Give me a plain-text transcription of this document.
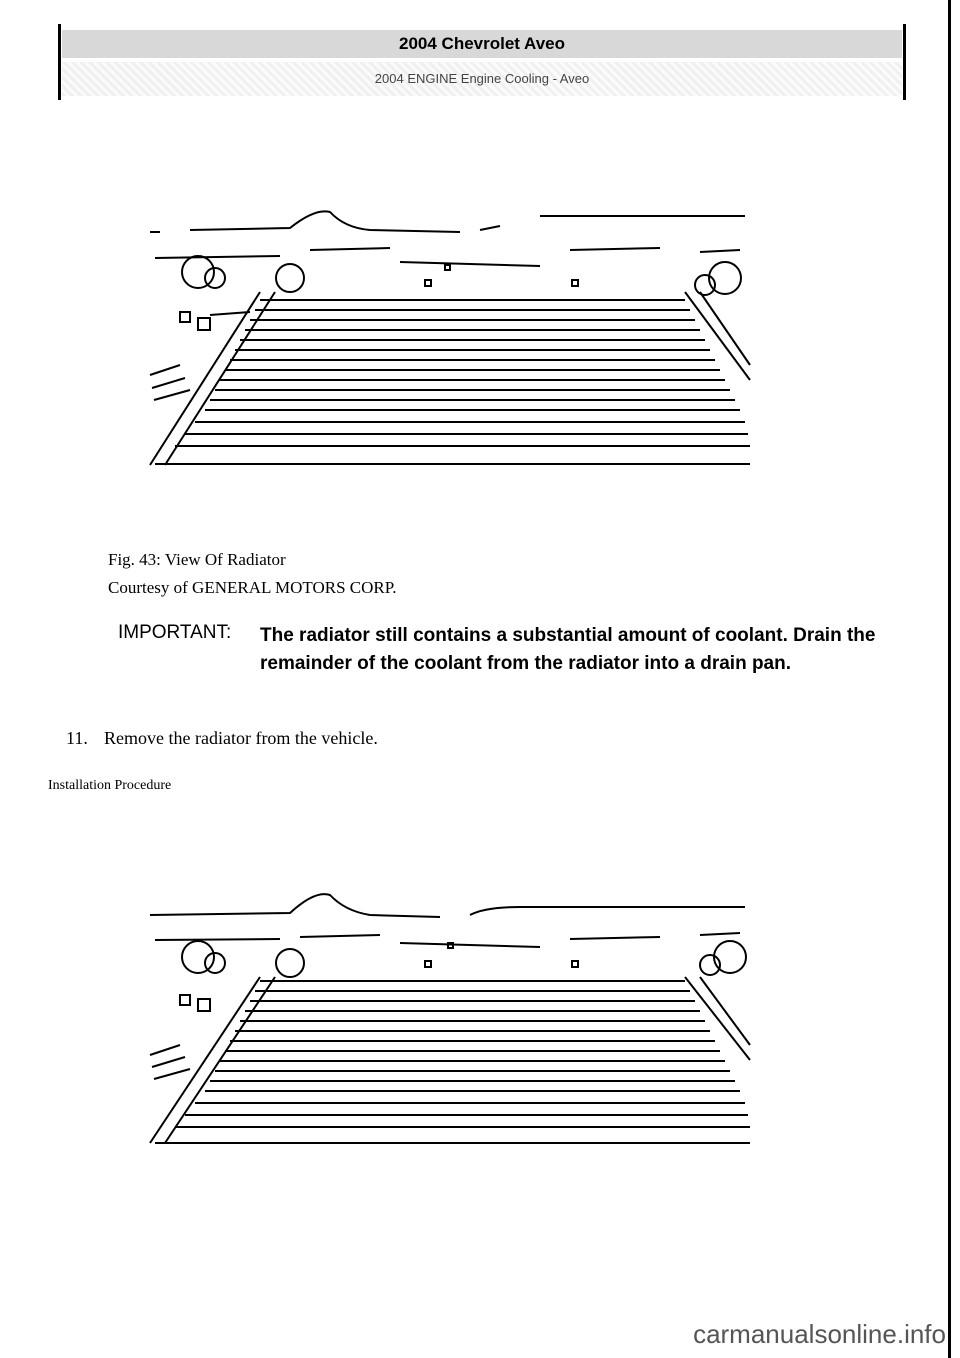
2004 Chevrolet Aveo
2004 ENGINE Engine Cooling - Aveo
Fig. 43: View Of Radiator
Courtesy of GENERAL MOTORS CORP.
IMPORTANT: The radiator still contains a substantial amount of coolant. Drain the remainder of the coolant from the radiator into a drain pan.
11. Remove the radiator from the vehicle.
Installation Procedure
carmanualsonline.info
